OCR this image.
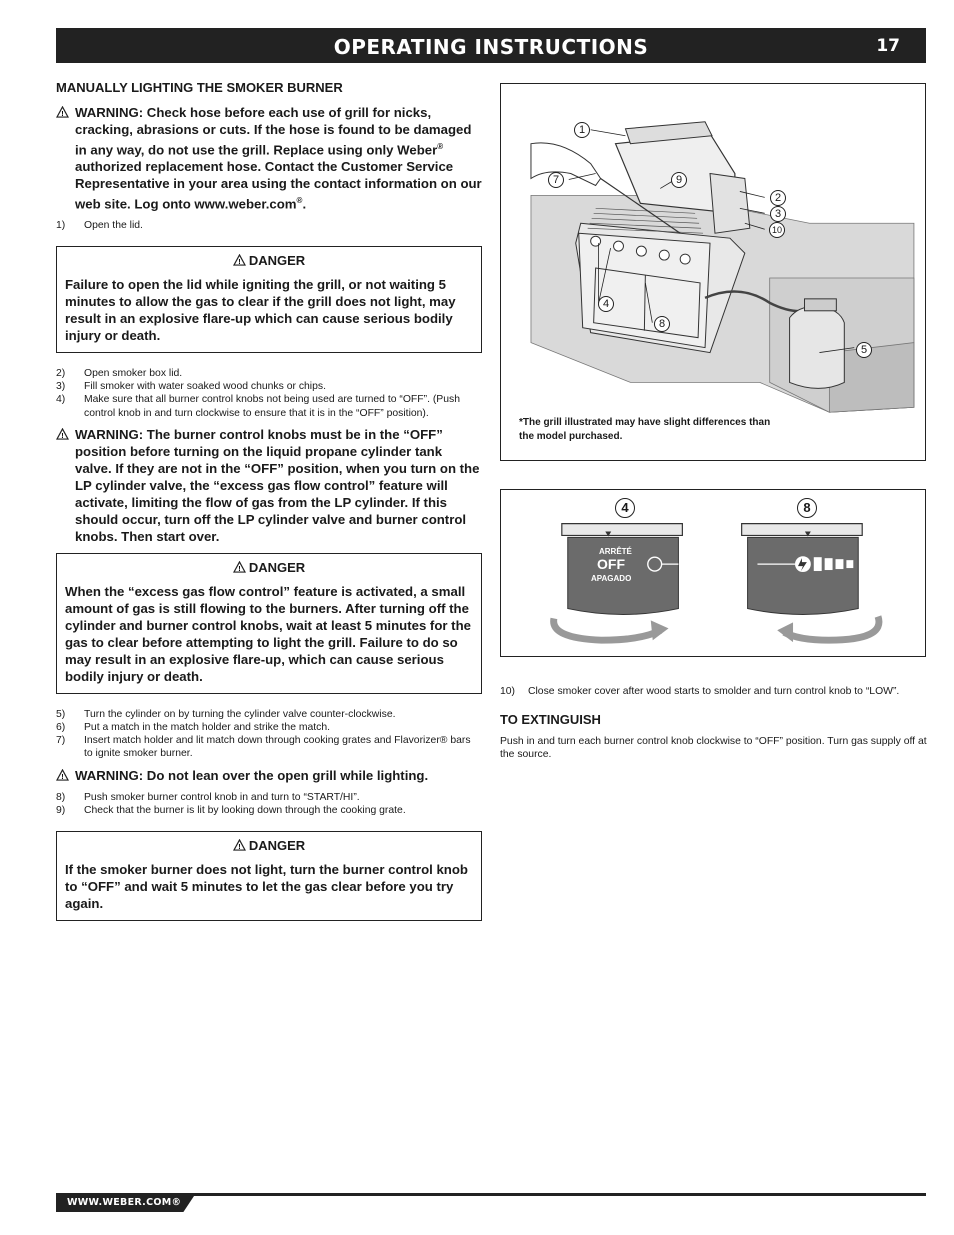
OPERATING INSTRUCTIONS	17
MANUALLY LIGHTING THE SMOKER BURNER
! WARNING: Check hose before each use of grill for nicks, cracking, abrasions or cuts. If the hose is found to be damaged in any way, do not use the grill. Replace using only Weber® authorized replacement hose. Contact the Customer Service Representative in your area using the contact information on our web site. Log onto www.weber.com®.
1)	Open the lid.
! DANGER
Failure to open the lid while igniting the grill, or not waiting 5 minutes to allow the gas to clear if the grill does not light, may result in an explosive flare-up which can cause serious bodily injury or death.
2)	Open smoker box lid.
3)	Fill smoker with water soaked wood chunks or chips.
4)	Make sure that all burner control knobs not being used are turned to “OFF”. (Push control knob in and turn clockwise to ensure that it is in the “OFF” position).
! WARNING: The burner control knobs must be in the “OFF” position before turning on the liquid propane cylinder tank valve. If they are not in the “OFF” position, when you turn on the LP cylinder valve, the “excess gas flow control” feature will activate, limiting the flow of gas from the LP cylinder. If this should occur, turn off the LP cylinder valve and burner control knobs. Then start over.
! DANGER
When the “excess gas flow control” feature is activated, a small amount of gas is still flowing to the burners. After turning off the cylinder and burner control knobs, wait at least 5 minutes for the gas to clear before attempting to light the grill. Failure to do so may result in an explosive flare-up, which can cause serious bodily injury or death.
5)	Turn the cylinder on by turning the cylinder valve counter-clockwise.
6)	Put a match in the match holder and strike the match.
7)	Insert match holder and lit match down through cooking grates and Flavorizer® bars to ignite smoker burner.
! WARNING: Do not lean over the open grill while lighting.
8)	Push smoker burner control knob in and turn to “START/HI”.
9)	Check that the burner is lit by looking down through the cooking grate.
! DANGER
If the smoker burner does not light, turn the burner control knob to “OFF” and wait 5 minutes to let the gas clear before you try again.
1
7	9
2
3
10
4
8
5
*The grill illustrated may have slight differences than the model purchased.
4	8
ARRÊTÉ
OFF
APAGADO
10)	Close smoker cover after wood starts to smolder and turn control knob to “LOW”.
TO EXTINGUISH
Push in and turn each burner control knob clockwise to “OFF” position. Turn gas supply off at the source.
WWW.WEBER.COM®
